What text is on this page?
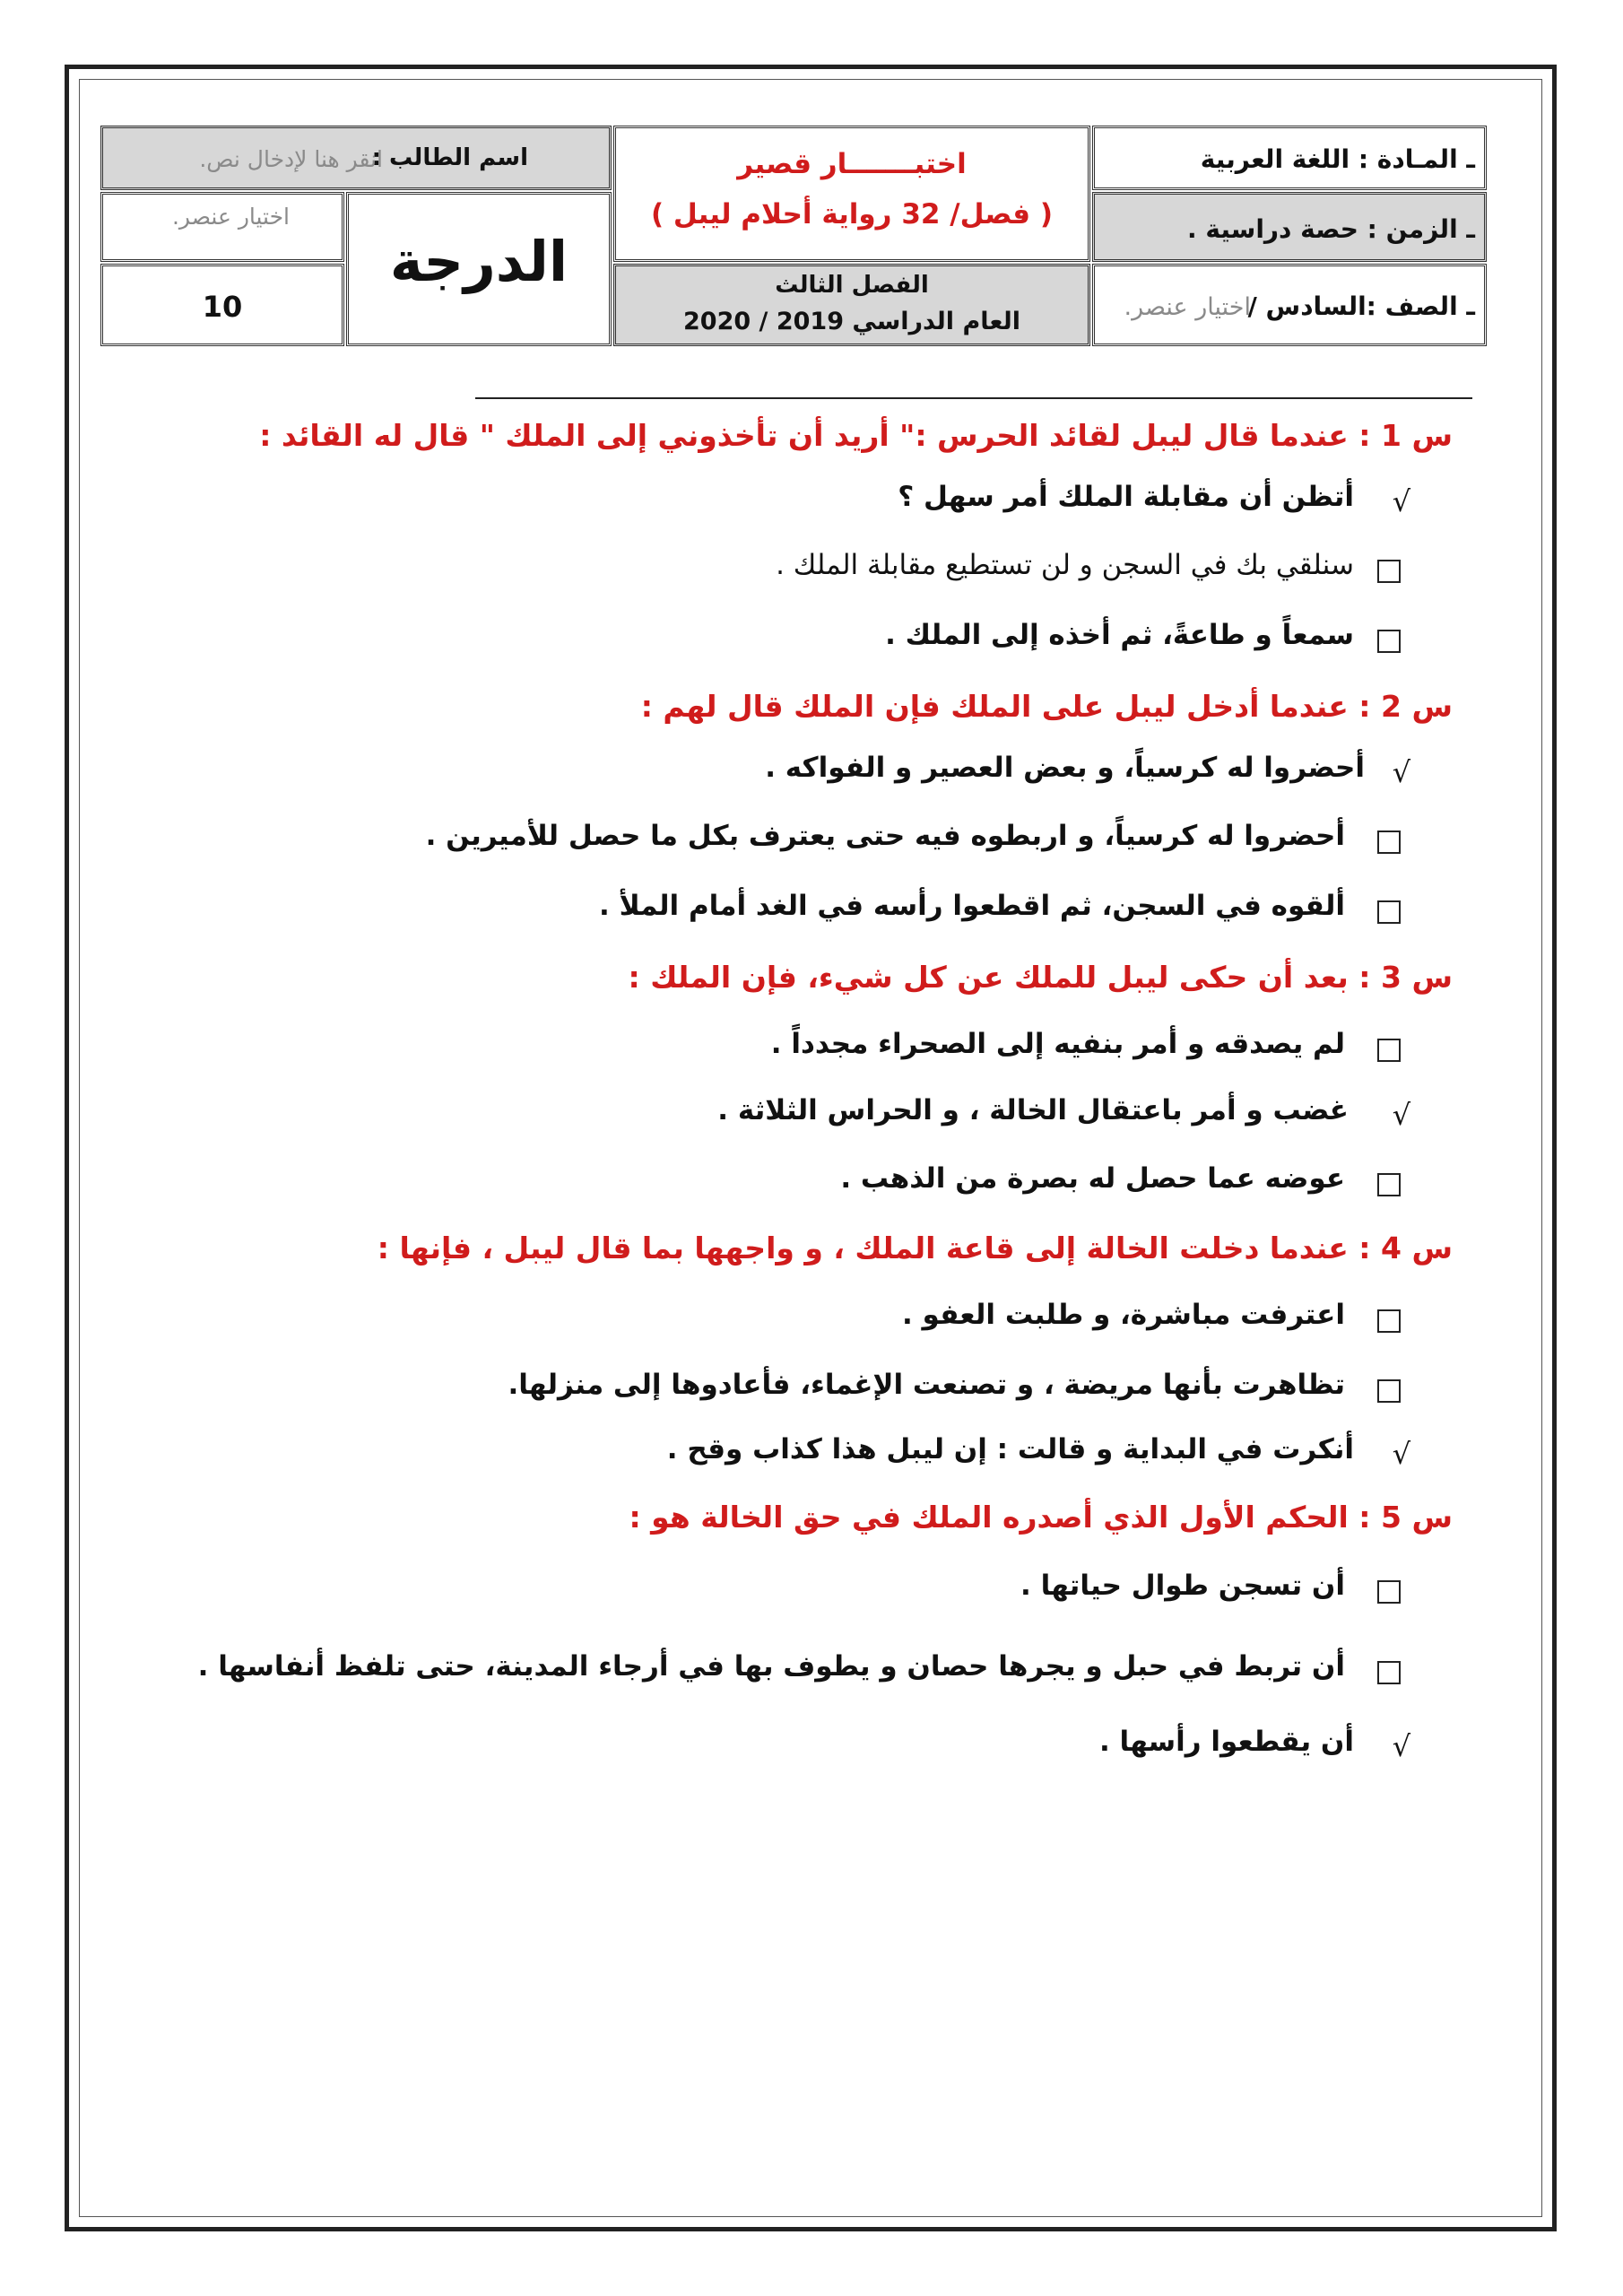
ـ المـادة : اللغة العربية
ـ الزمن : حصة دراسية .
ـ الصف :السادس /
اختيار عنصر.
اختبـــــــار قصير
( فصل/ 32 رواية أحلام ليبل )
الفصل الثالث
العام الدراسي 2019 / 2020
اسم الطالب :
انقر هنا لإدخال نص.
الدرجة
اختيار عنصر.
10
س 1 : عندما قال ليبل لقائد الحرس :" أريد أن تأخذوني إلى الملك " قال له القائد :
√
أتظن أن مقابلة الملك أمر سهل ؟
سنلقي بك في السجن و لن تستطيع مقابلة الملك .
سمعاً و طاعةً، ثم أخذه إلى الملك .
س 2 : عندما أدخل ليبل على الملك فإن الملك قال لهم :
√
أحضروا له كرسياً، و بعض العصير و الفواكه .
أحضروا له كرسياً، و اربطوه فيه حتى يعترف بكل ما حصل للأميرين .
ألقوه في السجن، ثم اقطعوا رأسه في الغد أمام الملأ .
س 3 : بعد أن حكى ليبل للملك عن كل شيء، فإن الملك :
لم يصدقه و أمر بنفيه إلى الصحراء مجدداً .
√
غضب و أمر باعتقال الخالة ، و الحراس الثلاثة .
عوضه عما حصل له بصرة من الذهب .
س 4 : عندما دخلت الخالة إلى قاعة الملك ، و واجهها بما قال ليبل ، فإنها :
اعترفت مباشرة، و طلبت العفو .
تظاهرت بأنها مريضة ، و تصنعت الإغماء، فأعادوها إلى منزلها.
√
أنكرت في البداية و قالت : إن ليبل هذا كذاب وقح .
س 5 : الحكم الأول الذي أصدره الملك في حق الخالة هو :
أن تسجن طوال حياتها .
أن تربط في حبل و يجرها حصان و يطوف بها في أرجاء المدينة، حتى تلفظ أنفاسها .
√
أن يقطعوا رأسها .
